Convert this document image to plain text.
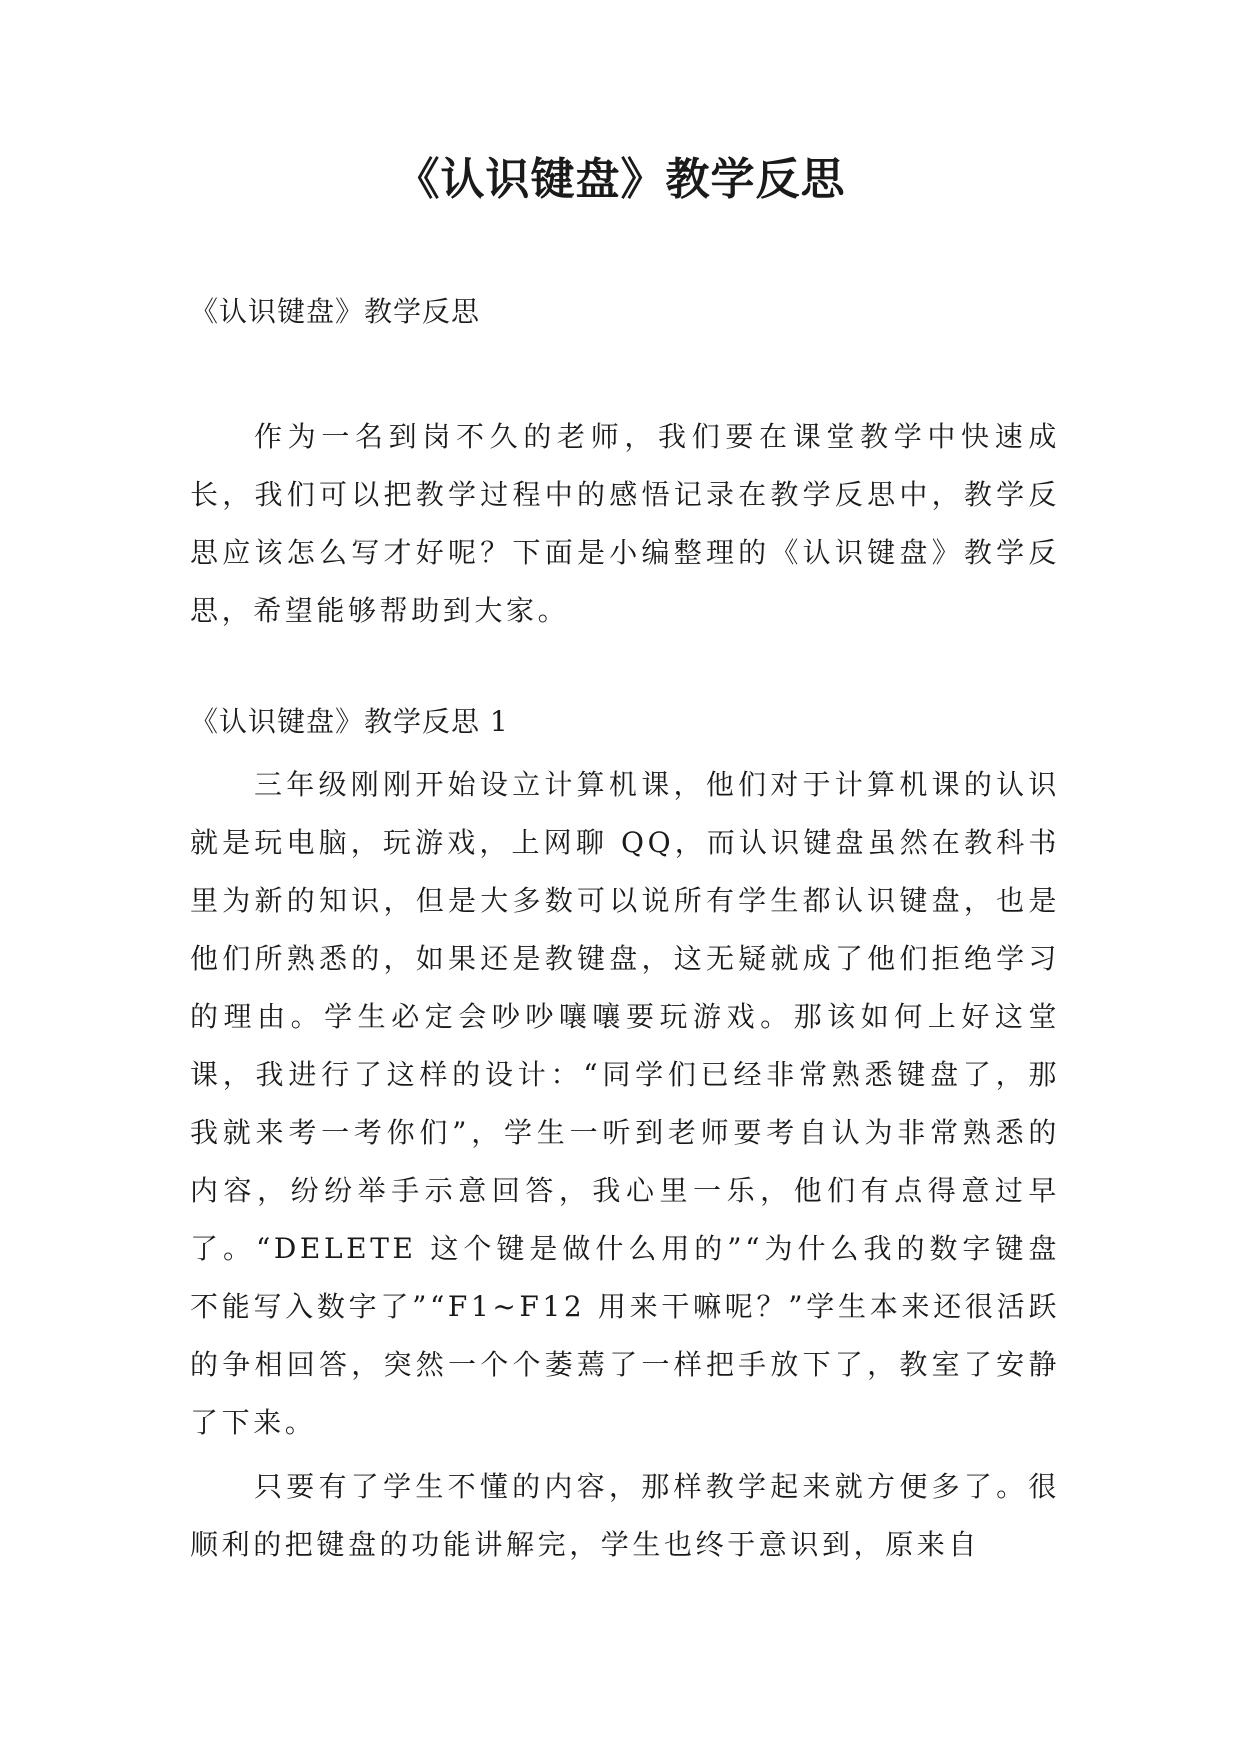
《认识键盘》教学反思

《认识键盘》教学反思

作为一名到岗不久的老师，我们要在课堂教学中快速成长，我们可以把教学过程中的感悟记录在教学反思中，教学反思应该怎么写才好呢？下面是小编整理的《认识键盘》教学反思，希望能够帮助到大家。

《认识键盘》教学反思 1

三年级刚刚开始设立计算机课，他们对于计算机课的认识就是玩电脑，玩游戏，上网聊 QQ，而认识键盘虽然在教科书里为新的知识，但是大多数可以说所有学生都认识键盘，也是他们所熟悉的，如果还是教键盘，这无疑就成了他们拒绝学习的理由。学生必定会吵吵嚷嚷要玩游戏。那该如何上好这堂课，我进行了这样的设计：“同学们已经非常熟悉键盘了，那我就来考一考你们”，学生一听到老师要考自认为非常熟悉的内容，纷纷举手示意回答，我心里一乐，他们有点得意过早了。“DELETE 这个键是做什么用的”“为什么我的数字键盘不能写入数字了”“F1~F12 用来干嘛呢？”学生本来还很活跃的争相回答，突然一个个萎蔫了一样把手放下了，教室了安静了下来。

只要有了学生不懂的内容，那样教学起来就方便多了。很顺利的把键盘的功能讲解完，学生也终于意识到，原来自
